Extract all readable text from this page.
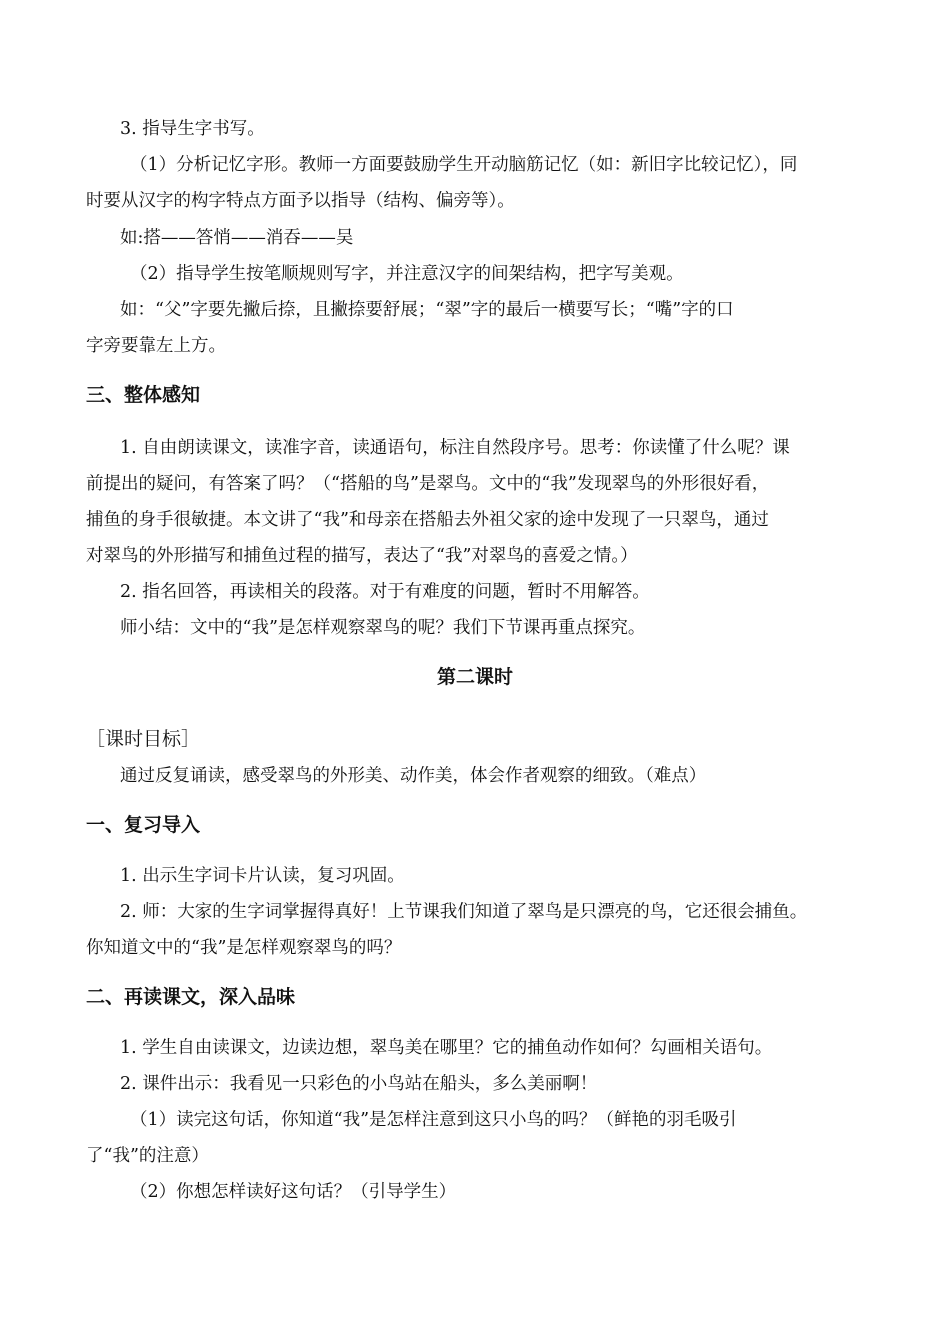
3. 指导生字书写。
（1）分析记忆字形。教师一方面要鼓励学生开动脑筋记忆（如：新旧字比较记忆），同
时要从汉字的构字特点方面予以指导（结构、偏旁等）。
如:搭——答悄——消吞——吴
（2）指导学生按笔顺规则写字，并注意汉字的间架结构，把字写美观。
如：“父”字要先撇后捺，且撇捺要舒展；“翠”字的最后一横要写长；“嘴”字的口
字旁要靠左上方。
三、整体感知
1. 自由朗读课文，读准字音，读通语句，标注自然段序号。思考：你读懂了什么呢？课
前提出的疑问，有答案了吗？（“搭船的鸟”是翠鸟。文中的“我”发现翠鸟的外形很好看，
捕鱼的身手很敏捷。本文讲了“我”和母亲在搭船去外祖父家的途中发现了一只翠鸟，通过
对翠鸟的外形描写和捕鱼过程的描写，表达了“我”对翠鸟的喜爱之情。）
2. 指名回答，再读相关的段落。对于有难度的问题，暂时不用解答。
师小结：文中的“我”是怎样观察翠鸟的呢？我们下节课再重点探究。
第二课时
［课时目标］
通过反复诵读，感受翠鸟的外形美、动作美，体会作者观察的细致。（难点）
一、复习导入
1. 出示生字词卡片认读，复习巩固。
2. 师：大家的生字词掌握得真好！上节课我们知道了翠鸟是只漂亮的鸟，它还很会捕鱼。
你知道文中的“我”是怎样观察翠鸟的吗？
二、再读课文，深入品味
1. 学生自由读课文，边读边想，翠鸟美在哪里？它的捕鱼动作如何？勾画相关语句。
2. 课件出示：我看见一只彩色的小鸟站在船头，多么美丽啊！
（1）读完这句话，你知道“我”是怎样注意到这只小鸟的吗？（鲜艳的羽毛吸引
了“我”的注意）
（2）你想怎样读好这句话？（引导学生）
